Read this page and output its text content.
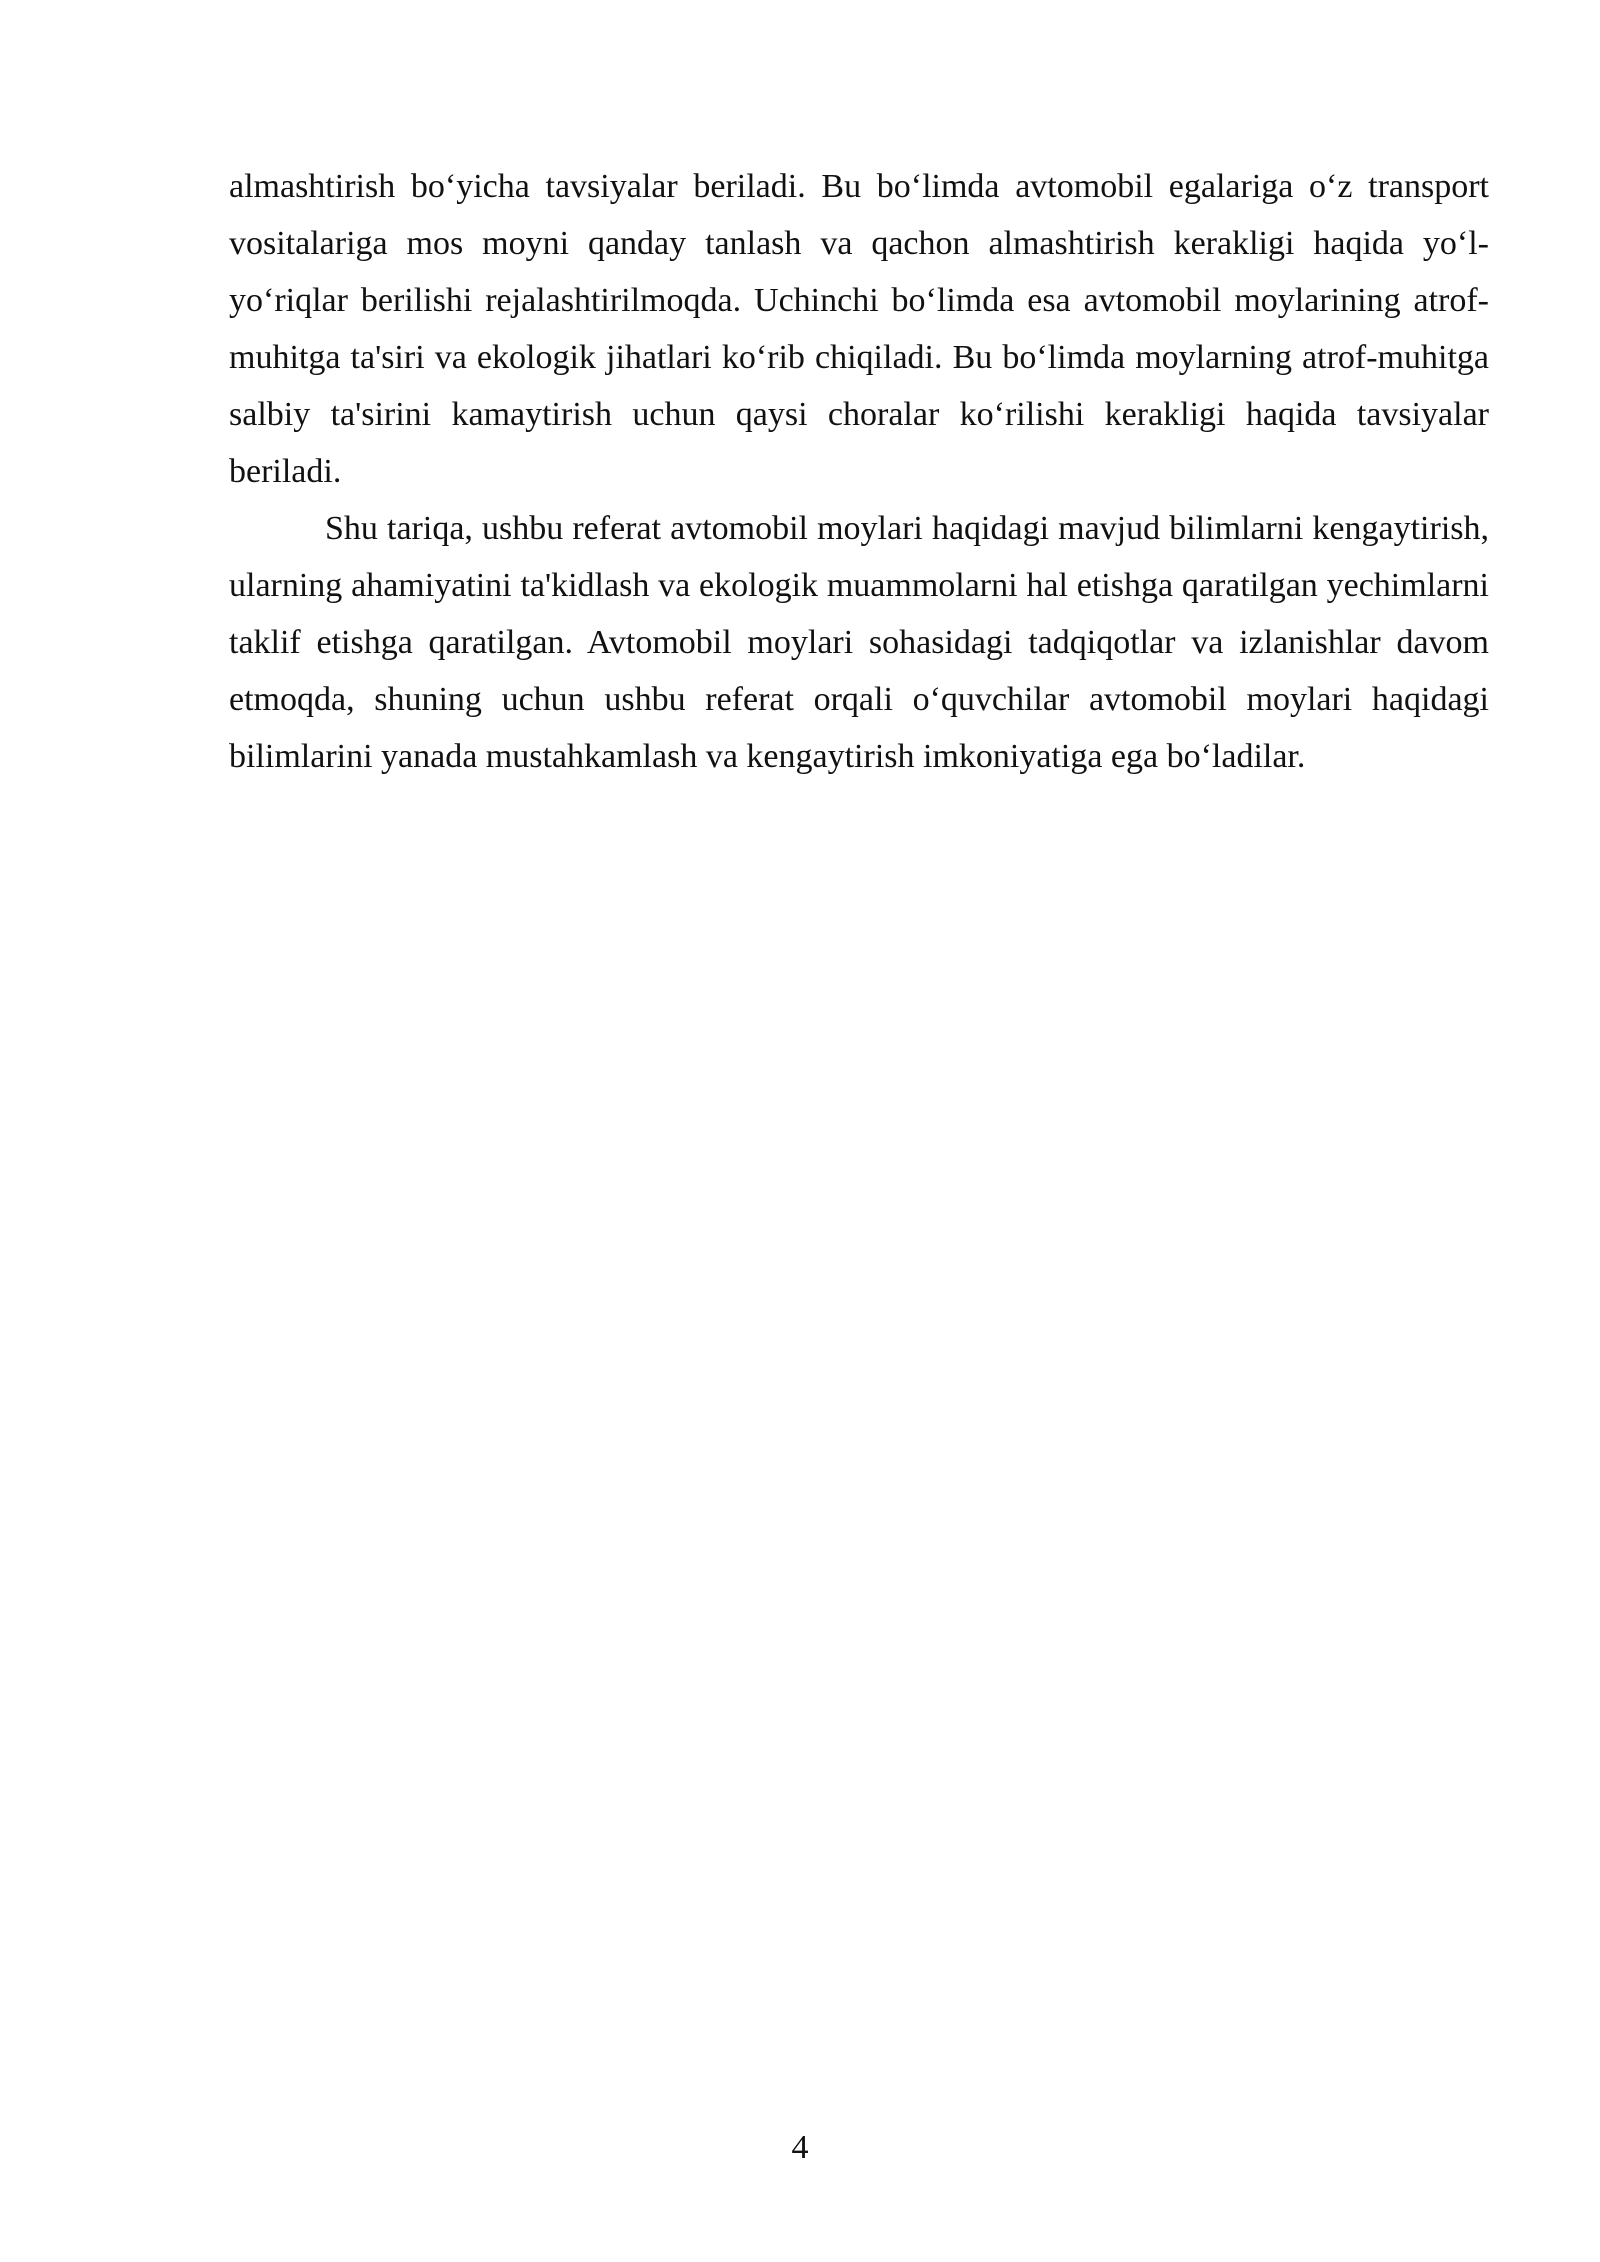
almashtirish bo‘yicha tavsiyalar beriladi. Bu bo‘limda avtomobil egalariga o‘z transport vositalariga mos moyni qanday tanlash va qachon almashtirish kerakligi haqida yo‘l-yo‘riqlar berilishi rejalashtirilmoqda. Uchinchi bo‘limda esa avtomobil moylarining atrof-muhitga ta'siri va ekologik jihatlari ko‘rib chiqiladi. Bu bo‘limda moylarning atrof-muhitga salbiy ta'sirini kamaytirish uchun qaysi choralar ko‘rilishi kerakligi haqida tavsiyalar beriladi.

Shu tariqa, ushbu referat avtomobil moylari haqidagi mavjud bilimlarni kengaytirish, ularning ahamiyatini ta'kidlash va ekologik muammolarni hal etishga qaratilgan yechimlarni taklif etishga qaratilgan. Avtomobil moylari sohasidagi tadqiqotlar va izlanishlar davom etmoqda, shuning uchun ushbu referat orqali o‘quvchilar avtomobil moylari haqidagi bilimlarini yanada mustahkamlash va kengaytirish imkoniyatiga ega bo‘ladilar.

4
